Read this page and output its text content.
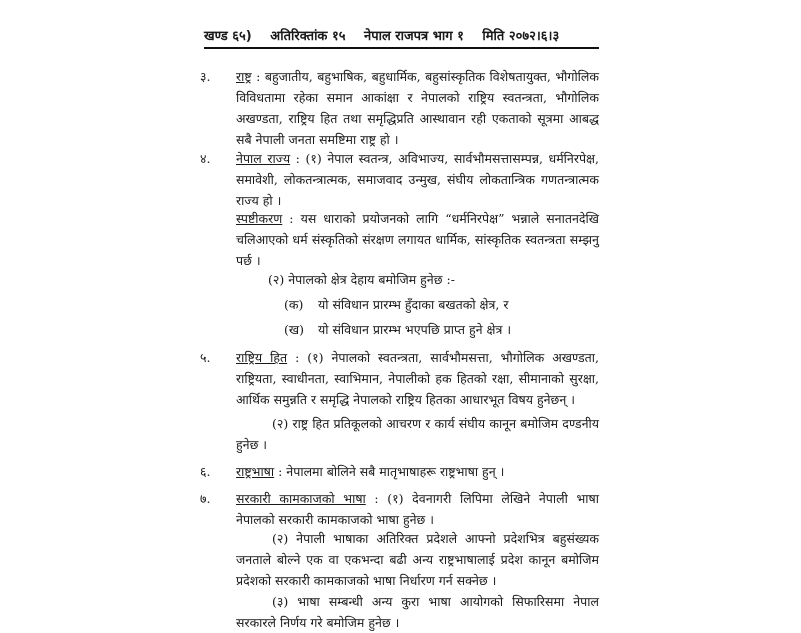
खण्ड ६५) अतिरिक्तांक १५ नेपाल राजपत्र भाग १ मिति २०७२।६।३
३. राष्ट्र : बहुजातीय, बहुभाषिक, बहुधार्मिक, बहुसांस्कृतिक विशेषतायुक्त, भौगोलिक विविधतामा रहेका समान आकांक्षा र नेपालको राष्ट्रिय स्वतन्त्रता, भौगोलिक अखण्डता, राष्ट्रिय हित तथा समृद्धिप्रति आस्थावान रही एकताको सूत्रमा आबद्ध सबै नेपाली जनता समष्टिमा राष्ट्र हो ।
४. नेपाल राज्य : (१) नेपाल स्वतन्त्र, अविभाज्य, सार्वभौमसत्तासम्पन्न, धर्मनिरपेक्ष, समावेशी, लोकतन्त्रात्मक, समाजवाद उन्मुख, संघीय लोकतान्त्रिक गणतन्त्रात्मक राज्य हो ।
स्पष्टीकरण : यस धाराको प्रयोजनको लागि “धर्मनिरपेक्ष” भन्नाले सनातनदेखि चलिआएको धर्म संस्कृतिको संरक्षण लगायत धार्मिक, सांस्कृतिक स्वतन्त्रता सम्झनु पर्छ ।
(२) नेपालको क्षेत्र देहाय बमोजिम हुनेछ :-
(क) यो संविधान प्रारम्भ हुँदाका बखतको क्षेत्र, र
(ख) यो संविधान प्रारम्भ भएपछि प्राप्त हुने क्षेत्र ।
५. राष्ट्रिय हित : (१) नेपालको स्वतन्त्रता, सार्वभौमसत्ता, भौगोलिक अखण्डता, राष्ट्रियता, स्वाधीनता, स्वाभिमान, नेपालीको हक हितको रक्षा, सीमानाको सुरक्षा, आर्थिक समुन्नति र समृद्धि नेपालको राष्ट्रिय हितका आधारभूत विषय हुनेछन् ।
(२) राष्ट्र हित प्रतिकूलको आचरण र कार्य संघीय कानून बमोजिम दण्डनीय हुनेछ ।
६. राष्ट्रभाषा : नेपालमा बोलिने सबै मातृभाषाहरू राष्ट्रभाषा हुन् ।
७. सरकारी कामकाजको भाषा : (१) देवनागरी लिपिमा लेखिने नेपाली भाषा नेपालको सरकारी कामकाजको भाषा हुनेछ ।
(२) नेपाली भाषाका अतिरिक्त प्रदेशले आफ्नो प्रदेशभित्र बहुसंख्यक जनताले बोल्ने एक वा एकभन्दा बढी अन्य राष्ट्रभाषालाई प्रदेश कानून बमोजिम प्रदेशको सरकारी कामकाजको भाषा निर्धारण गर्न सक्नेछ ।
(३) भाषा सम्बन्धी अन्य कुरा भाषा आयोगको सिफारिसमा नेपाल सरकारले निर्णय गरे बमोजिम हुनेछ ।
